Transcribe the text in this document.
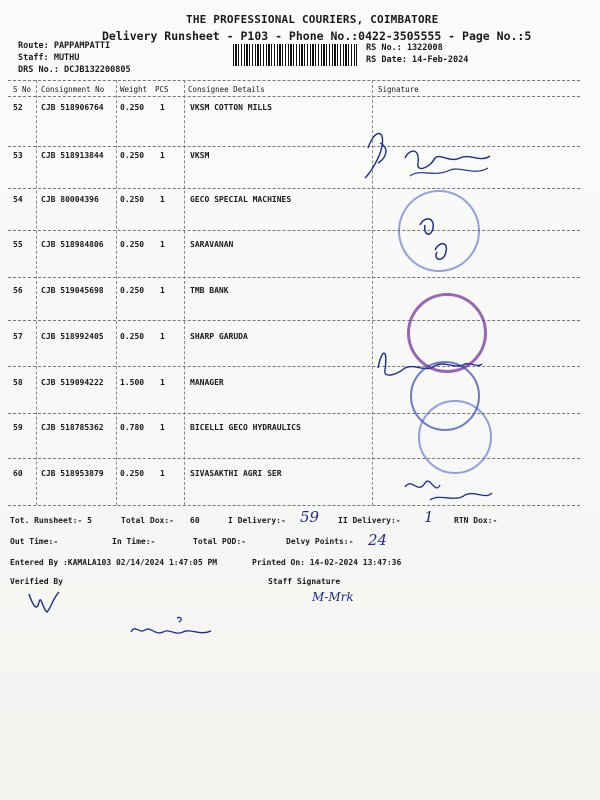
THE PROFESSIONAL COURIERS, COIMBATORE
Delivery Runsheet - P103 - Phone No.:0422-3505555 - Page No.:5
Route: PAPPAMPATTI
Staff: MUTHU
DRS No.: DCJB132200805
RS No.: 1322008
RS Date: 14-Feb-2024
S No Consignment No Weight PCS	Consignee Details	Signature
52 CJB 518906764 0.250 1	VKSM COTTON MILLS
53 CJB 518913844 0.250 1	VKSM
54 CJB 80004396	0.250 1	GECO SPECIAL MACHINES
55 CJB 518984806 0.250 1	SARAVANAN
56 CJB 519045698 0.250 1	TMB BANK
57 CJB 518992405 0.250 1	SHARP GARUDA
58 CJB 519094222 1.500 1	MANAGER
59 CJB 518785362 0.780 1	BICELLI GECO HYDRAULICS
60 CJB 518953879 0.250 1	SIVASAKTHI AGRI SER
Tot. Runsheet:- 5	Total Dox:- 60	I Delivery:- 59 II Delivery:- 1	RTN Dox:-
Out Time:-	In Time:-	Total POD:-	Delvy Points:- 24
Entered By :KAMALA103 02/14/2024 1:47:05 PM	Printed On: 14-02-2024 13:47:36
Verified By	Staff Signature
M-Mrk
